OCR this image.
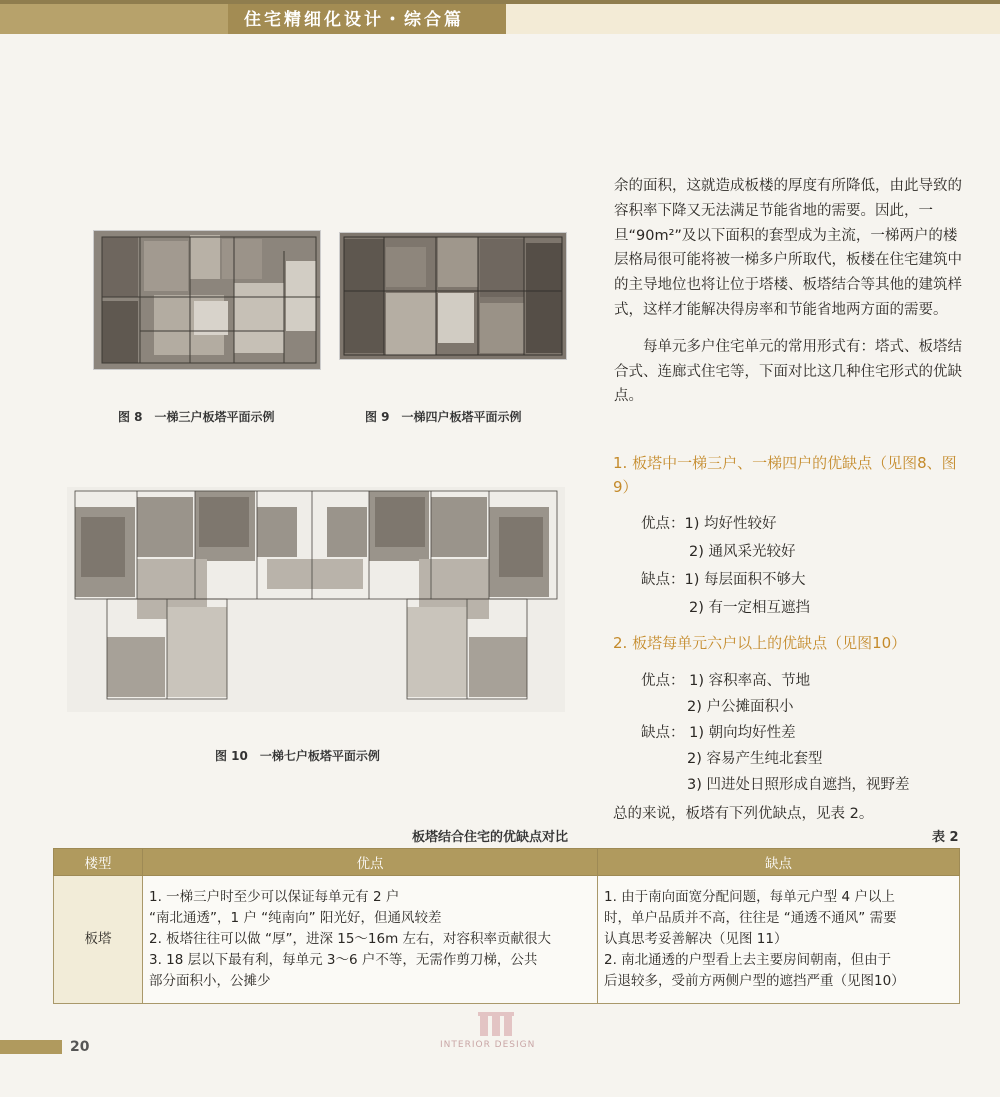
住宅精细化设计・综合篇
图 8　一梯三户板塔平面示例	图 9　一梯四户板塔平面示例
图 10　一梯七户板塔平面示例

余的面积，这就造成板楼的厚度有所降低，由此导致的容积率下降又无法满足节能省地的需要。因此，一旦“90m²”及以下面积的套型成为主流，一梯两户的楼层格局很可能将被一梯多户所取代，板楼在住宅建筑中的主导地位也将让位于塔楼、板塔结合等其他的建筑样式，这样才能解决得房率和节能省地两方面的需要。

每单元多户住宅单元的常用形式有：塔式、板塔结合式、连廊式住宅等，下面对比这几种住宅形式的优缺点。

1. 板塔中一梯三户、一梯四户的优缺点（见图8、图9）
优点：1) 均好性较好
2) 通风采光较好
缺点：1) 每层面积不够大
2) 有一定相互遮挡
2. 板塔每单元六户以上的优缺点（见图10）
优点： 1) 容积率高、节地
2) 户公摊面积小
缺点： 1) 朝向均好性差
2) 容易产生纯北套型
3) 凹进处日照形成自遮挡，视野差
总的来说，板塔有下列优缺点，见表 2。
板塔结合住宅的优缺点对比	表 2
楼型	优点	缺点
板塔	1. 一梯三户时至少可以保证每单元有 2 户
“南北通透”，1 户 “纯南向” 阳光好，但通风较差
2. 板塔往往可以做 “厚”，进深 15～16m 左右，对容积率贡献很大
3. 18 层以下最有利，每单元 3～6 户不等，无需作剪刀梯，公共
部分面积小，公摊少	1. 由于南向面宽分配问题，每单元户型 4 户以上
时，单户品质并不高，往往是 “通透不通风” 需要
认真思考妥善解决（见图 11）
2. 南北通透的户型看上去主要房间朝南，但由于
后退较多，受前方两侧户型的遮挡严重（见图10）
20	INTERIOR DESIGN
